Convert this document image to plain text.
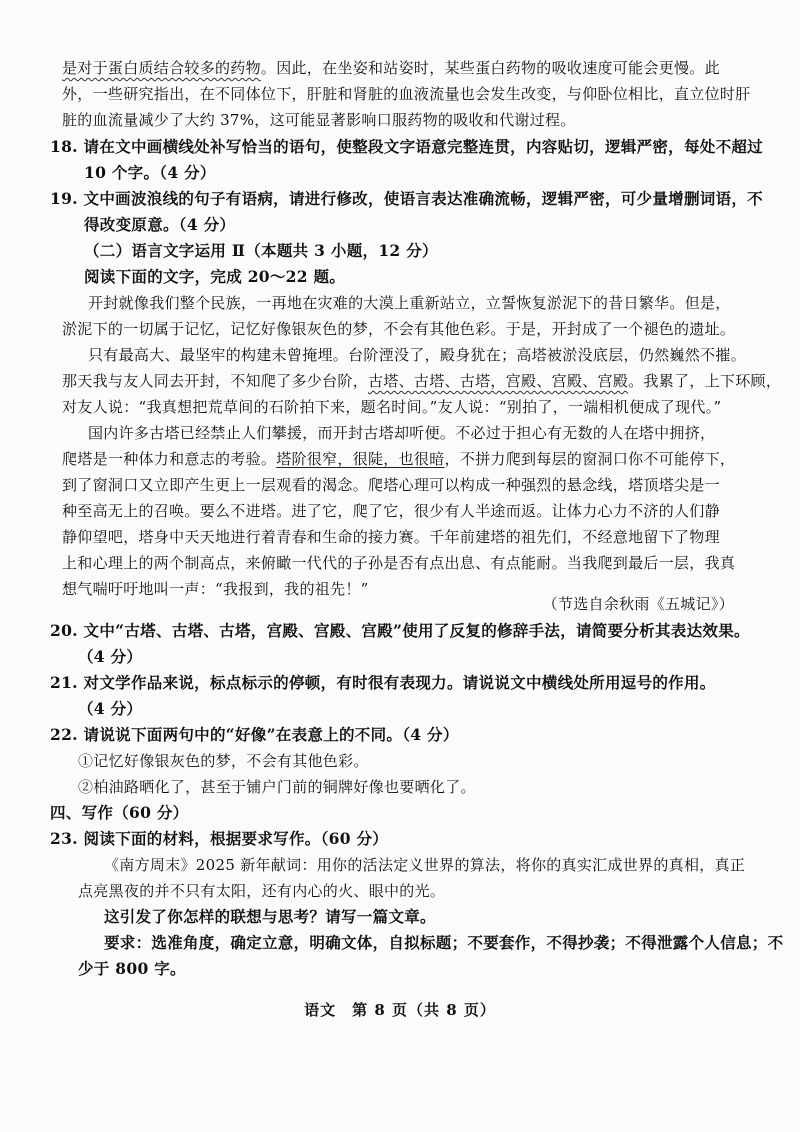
是对于蛋白质结合较多的药物。因此，在坐姿和站姿时，某些蛋白药物的吸收速度可能会更慢。此
外，一些研究指出，在不同体位下，肝脏和肾脏的血液流量也会发生改变，与仰卧位相比，直立位时肝
脏的血流量减少了大约 37%，这可能显著影响口服药物的吸收和代谢过程。
18. 请在文中画横线处补写恰当的语句，使整段文字语意完整连贯，内容贴切，逻辑严密，每处不超过
10 个字。（4 分）
19. 文中画波浪线的句子有语病，请进行修改，使语言表达准确流畅，逻辑严密，可少量增删词语，不
得改变原意。（4 分）
（二）语言文字运用 Ⅱ（本题共 3 小题，12 分）
阅读下面的文字，完成 20～22 题。
开封就像我们整个民族，一再地在灾难的大漠上重新站立，立誓恢复淤泥下的昔日繁华。但是，
淤泥下的一切属于记忆，记忆好像银灰色的梦，不会有其他色彩。于是，开封成了一个褪色的遗址。
只有最高大、最坚牢的构建未曾掩埋。台阶湮没了，殿身犹在；高塔被淤没底层，仍然巍然不摧。
那天我与友人同去开封，不知爬了多少台阶，古塔、古塔、古塔，宫殿、宫殿、宫殿。我累了，上下环顾，
对友人说：“我真想把荒草间的石阶拍下来，题名时间。”友人说：“别拍了，一端相机便成了现代。”
国内许多古塔已经禁止人们攀援，而开封古塔却听便。不必过于担心有无数的人在塔中拥挤，
爬塔是一种体力和意志的考验。塔阶很窄，很陡，也很暗，不拼力爬到每层的窗洞口你不可能停下，
到了窗洞口又立即产生更上一层观看的渴念。爬塔心理可以构成一种强烈的悬念线，塔顶塔尖是一
种至高无上的召唤。要么不进塔。进了它，爬了它，很少有人半途而返。让体力心力不济的人们静
静仰望吧，塔身中天天地进行着青春和生命的接力赛。千年前建塔的祖先们，不经意地留下了物理
上和心理上的两个制高点，来俯瞰一代代的子孙是否有点出息、有点能耐。当我爬到最后一层，我真
想气喘吁吁地叫一声：“我报到，我的祖先！”
（节选自余秋雨《五城记》）
20. 文中“古塔、古塔、古塔，宫殿、宫殿、宫殿”使用了反复的修辞手法，请简要分析其表达效果。
（4 分）
21. 对文学作品来说，标点标示的停顿，有时很有表现力。请说说文中横线处所用逗号的作用。
（4 分）
22. 请说说下面两句中的“好像”在表意上的不同。（4 分）
①记忆好像银灰色的梦，不会有其他色彩。
②柏油路晒化了，甚至于铺户门前的铜牌好像也要晒化了。
四、写作（60 分）
23. 阅读下面的材料，根据要求写作。（60 分）
《南方周末》2025 新年献词：用你的活法定义世界的算法，将你的真实汇成世界的真相，真正
点亮黑夜的并不只有太阳，还有内心的火、眼中的光。
这引发了你怎样的联想与思考？请写一篇文章。
要求：选准角度，确定立意，明确文体，自拟标题；不要套作，不得抄袭；不得泄露个人信息；不
少于 800 字。
语文　第 8 页（共 8 页）
